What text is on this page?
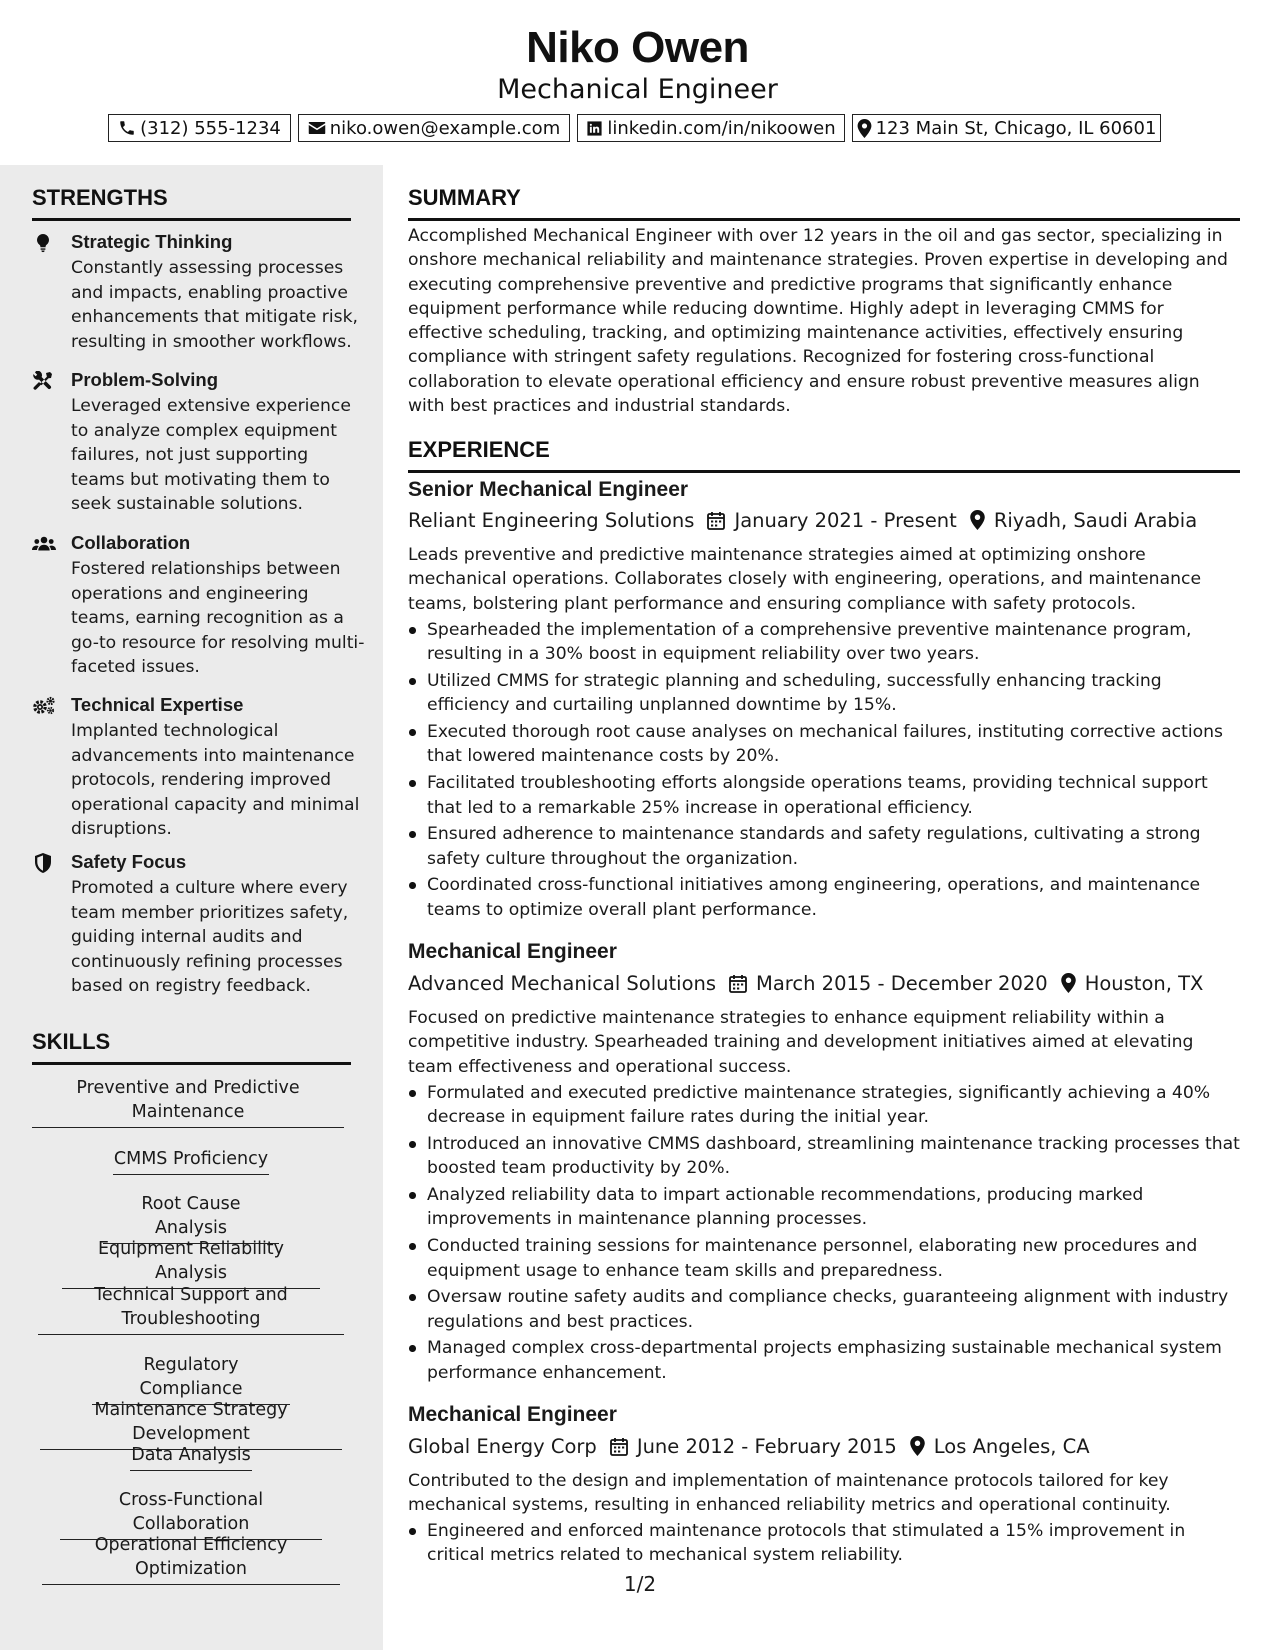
Niko Owen
Mechanical Engineer
(312) 555-1234	niko.owen@example.com	linkedin.com/in/nikoowen 123 Main St, Chicago, IL 60601
STRENGTHS
Strategic Thinking
Constantly assessing processes and impacts, enabling proactive enhancements that mitigate risk, resulting in smoother workflows.
Problem-Solving
Leveraged extensive experience to analyze complex equipment failures, not just supporting teams but motivating them to seek sustainable solutions.
Collaboration
Fostered relationships between operations and engineering teams, earning recognition as a go-to resource for resolving multi-faceted issues.
Technical Expertise
Implanted technological advancements into maintenance protocols, rendering improved operational capacity and minimal disruptions.
Safety Focus
Promoted a culture where every team member prioritizes safety, guiding internal audits and continuously refining processes based on registry feedback.
SKILLS
Preventive and Predictive Maintenance
CMMS Proficiency
Root Cause Analysis
Equipment Reliability Analysis
Technical Support and Troubleshooting
Regulatory Compliance
Maintenance Strategy Development
Data Analysis
Cross-Functional Collaboration
Operational Efficiency Optimization
SUMMARY
Accomplished Mechanical Engineer with over 12 years in the oil and gas sector, specializing in onshore mechanical reliability and maintenance strategies. Proven expertise in developing and executing comprehensive preventive and predictive programs that significantly enhance equipment performance while reducing downtime. Highly adept in leveraging CMMS for effective scheduling, tracking, and optimizing maintenance activities, effectively ensuring compliance with stringent safety regulations. Recognized for fostering cross-functional collaboration to elevate operational efficiency and ensure robust preventive measures align with best practices and industrial standards.
EXPERIENCE
Senior Mechanical Engineer
Reliant Engineering Solutions January 2021 - Present Riyadh, Saudi Arabia
Leads preventive and predictive maintenance strategies aimed at optimizing onshore mechanical operations. Collaborates closely with engineering, operations, and maintenance teams, bolstering plant performance and ensuring compliance with safety protocols.
Spearheaded the implementation of a comprehensive preventive maintenance program, resulting in a 30% boost in equipment reliability over two years.
Utilized CMMS for strategic planning and scheduling, successfully enhancing tracking efficiency and curtailing unplanned downtime by 15%.
Executed thorough root cause analyses on mechanical failures, instituting corrective actions that lowered maintenance costs by 20%.
Facilitated troubleshooting efforts alongside operations teams, providing technical support that led to a remarkable 25% increase in operational efficiency.
Ensured adherence to maintenance standards and safety regulations, cultivating a strong safety culture throughout the organization.
Coordinated cross-functional initiatives among engineering, operations, and maintenance teams to optimize overall plant performance.
Mechanical Engineer
Advanced Mechanical Solutions March 2015 - December 2020 Houston, TX
Focused on predictive maintenance strategies to enhance equipment reliability within a competitive industry. Spearheaded training and development initiatives aimed at elevating team effectiveness and operational success.
Formulated and executed predictive maintenance strategies, significantly achieving a 40% decrease in equipment failure rates during the initial year.
Introduced an innovative CMMS dashboard, streamlining maintenance tracking processes that boosted team productivity by 20%.
Analyzed reliability data to impart actionable recommendations, producing marked improvements in maintenance planning processes.
Conducted training sessions for maintenance personnel, elaborating new procedures and equipment usage to enhance team skills and preparedness.
Oversaw routine safety audits and compliance checks, guaranteeing alignment with industry regulations and best practices.
Managed complex cross-departmental projects emphasizing sustainable mechanical system performance enhancement.
Mechanical Engineer
Global Energy Corp June 2012 - February 2015 Los Angeles, CA
Contributed to the design and implementation of maintenance protocols tailored for key mechanical systems, resulting in enhanced reliability metrics and operational continuity.
Engineered and enforced maintenance protocols that stimulated a 15% improvement in critical metrics related to mechanical system reliability.
1/2
